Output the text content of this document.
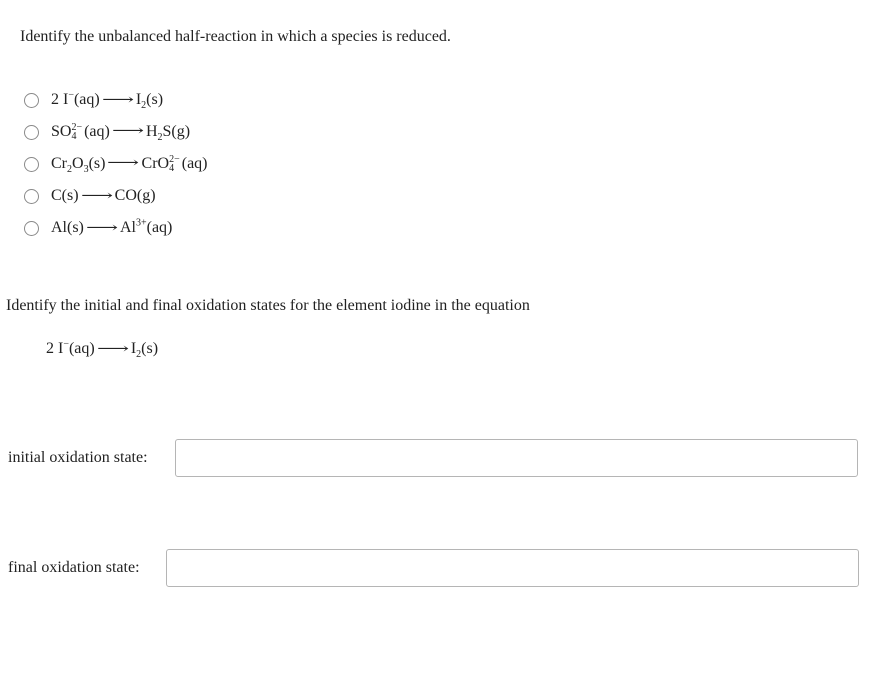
Identify the unbalanced half-reaction in which a species is reduced.
2 I−(aq) ⟶ $I_2(s)$
SO 2−
4 (aq) ⟶ $H_2S(g)$
$Cr_2O_3(s)$ ⟶ CrO 2−
4 (aq)
C(s) ⟶ CO(g)
Al(s) ⟶ $Al^{3+}(aq)$
Identify the initial and final oxidation states for the element iodine in the equation
2 I−(aq) ⟶ $I_2(s)$
initial oxidation state:
final oxidation state:
